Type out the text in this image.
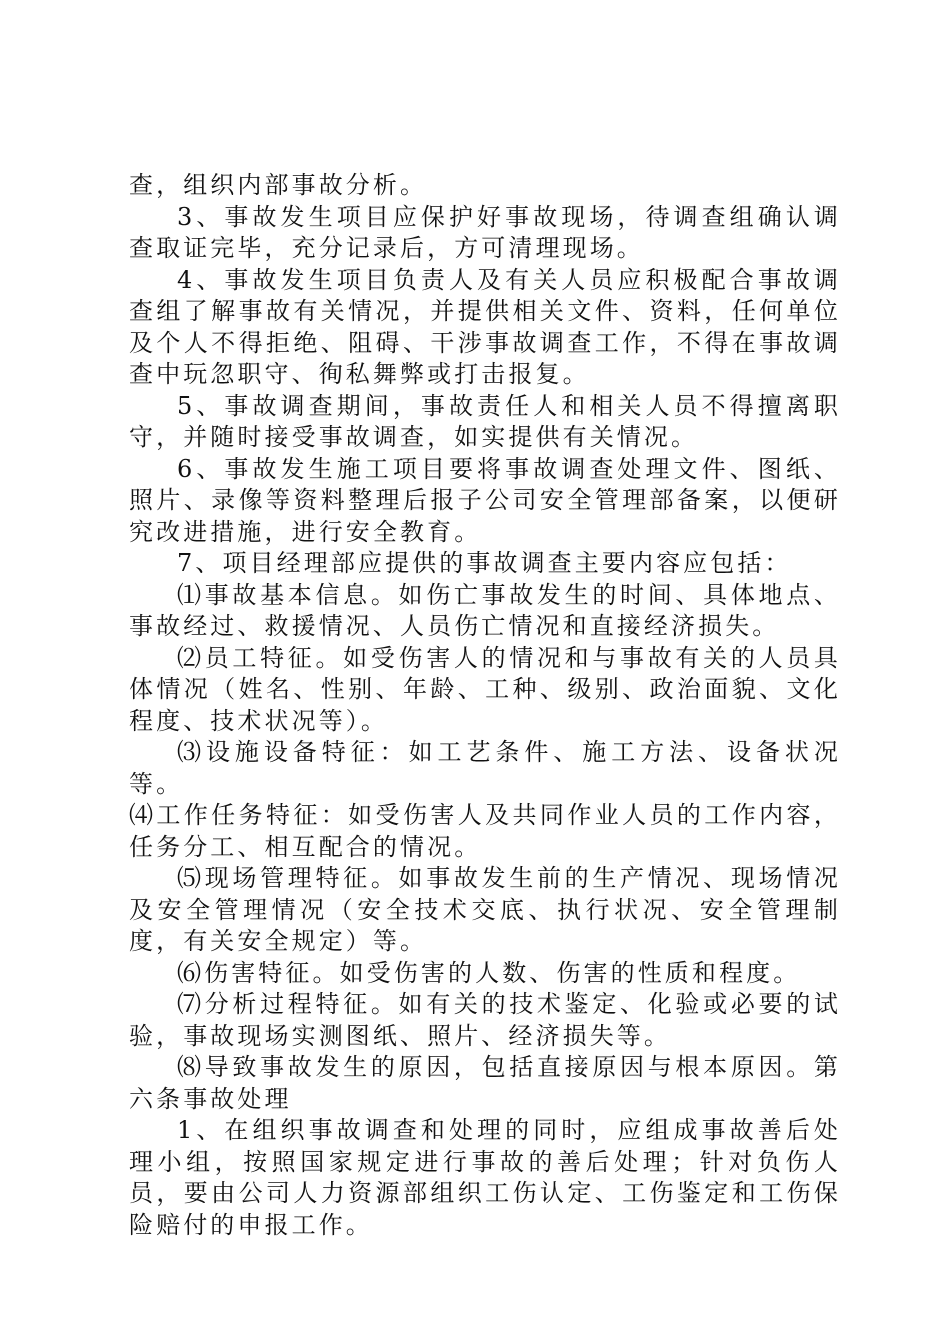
查，组织内部事故分析。

3、事故发生项目应保护好事故现场，待调查组确认调查取证完毕，充分记录后，方可清理现场。

4、事故发生项目负责人及有关人员应积极配合事故调查组了解事故有关情况，并提供相关文件、资料，任何单位及个人不得拒绝、阻碍、干涉事故调查工作，不得在事故调查中玩忽职守、徇私舞弊或打击报复。

5、事故调查期间，事故责任人和相关人员不得擅离职守，并随时接受事故调查，如实提供有关情况。

6、事故发生施工项目要将事故调查处理文件、图纸、照片、录像等资料整理后报子公司安全管理部备案，以便研究改进措施，进行安全教育。

7、项目经理部应提供的事故调查主要内容应包括：

⑴事故基本信息。如伤亡事故发生的时间、具体地点、事故经过、救援情况、人员伤亡情况和直接经济损失。

⑵员工特征。如受伤害人的情况和与事故有关的人员具体情况（姓名、性别、年龄、工种、级别、政治面貌、文化程度、技术状况等）。

⑶设施设备特征：如工艺条件、施工方法、设备状况等。

⑷工作任务特征：如受伤害人及共同作业人员的工作内容，任务分工、相互配合的情况。

⑸现场管理特征。如事故发生前的生产情况、现场情况及安全管理情况（安全技术交底、执行状况、安全管理制度，有关安全规定）等。

⑹伤害特征。如受伤害的人数、伤害的性质和程度。

⑺分析过程特征。如有关的技术鉴定、化验或必要的试验，事故现场实测图纸、照片、经济损失等。

⑻导致事故发生的原因，包括直接原因与根本原因。第六条事故处理

1、在组织事故调查和处理的同时，应组成事故善后处理小组，按照国家规定进行事故的善后处理；针对负伤人员，要由公司人力资源部组织工伤认定、工伤鉴定和工伤保险赔付的申报工作。
